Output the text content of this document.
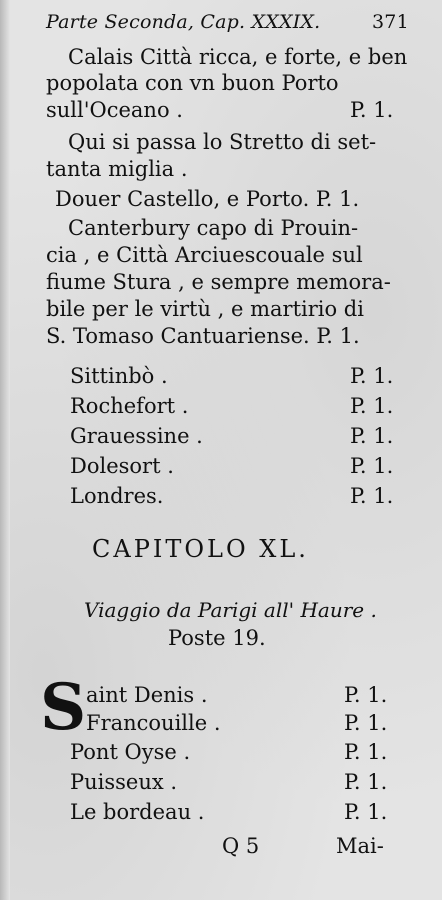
Parte Seconda, Cap. XXXIX.	371
Calais Città ricca, e forte, e ben
popolata con vn buon Porto
sull'Oceano .	P. 1.
Qui si passa lo Stretto di set-
tanta miglia .
Douer Castello, e Porto. P. 1.
Canterbury capo di Prouin-
cia , e Città Arciuescouale sul
fiume Stura , e sempre memora-
bile per le virtù , e martirio di
S. Tomaso Cantuariense. P. 1.
Sittinbò .	P. 1.
Rochefort .	P. 1.
Grauessine .	P. 1.
Dolesort .	P. 1.
Londres.	P. 1.
CAPITOLO XL.
Viaggio da Parigi all' Haure .
Poste 19.
S aint Denis .	P. 1.
Francouille .	P. 1.
Pont Oyse .	P. 1.
Puisseux .	P. 1.
Le bordeau .	P. 1.
Q 5	Mai-
